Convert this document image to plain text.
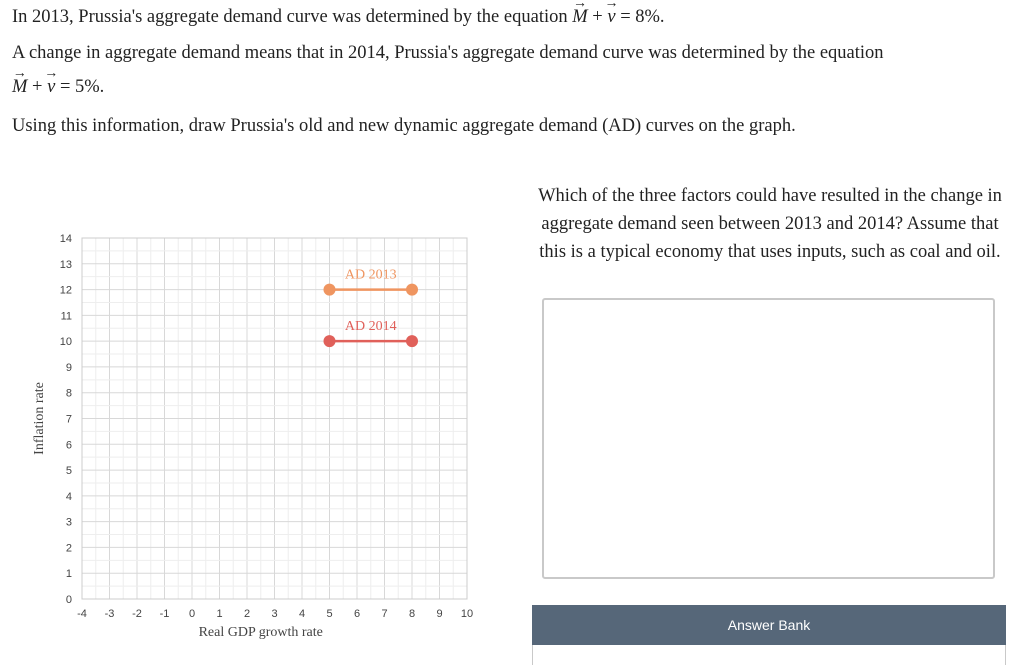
In 2013, Prussia's aggregate demand curve was determined by the equation → M + → v = 8%.
A change in aggregate demand means that in 2014, Prussia's aggregate demand curve was determined by the equation
→ M + → v = 5%.
Using this information, draw Prussia's old and new dynamic aggregate demand (AD) curves on the graph.
-4 -3 -2 -1 0 1 2 3 4 5 6 7 8 9 10
0
1
2
3
4
5
6
7
8
9
10
11
12
13
14
Real GDP growth rate
Inflation rate
AD 2013
AD 2014
Which of the three factors could have resulted in the change in aggregate demand seen between 2013 and 2014? Assume that this is a typical economy that uses inputs, such as coal and oil.
Answer Bank
